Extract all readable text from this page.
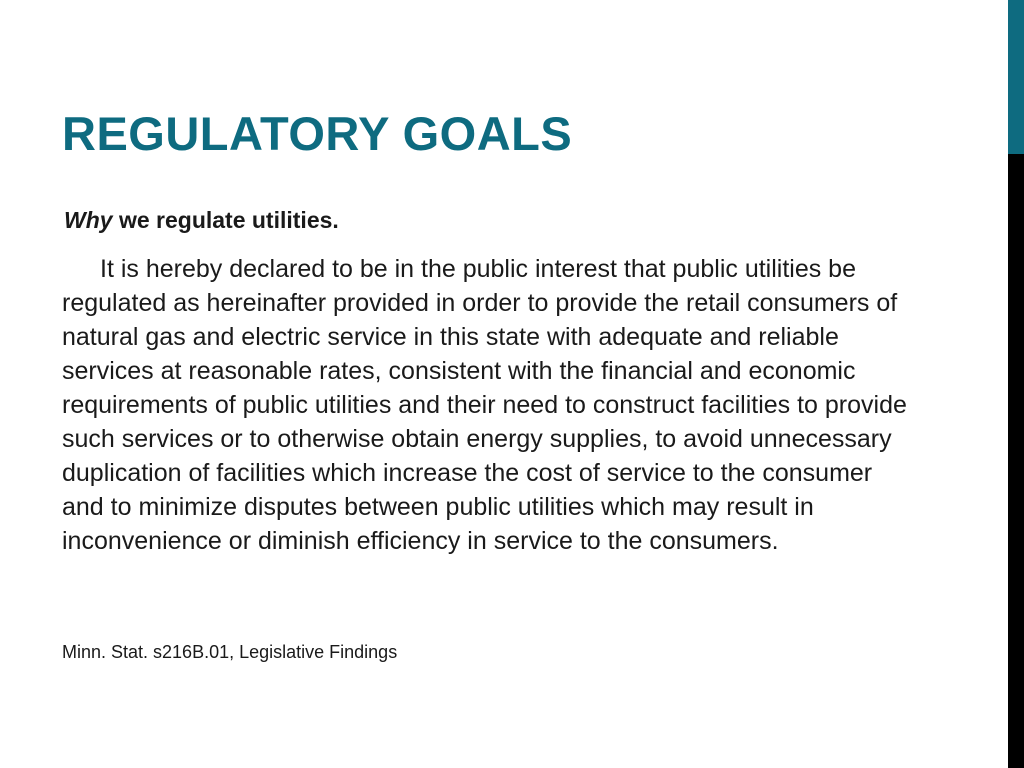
REGULATORY GOALS

Why we regulate utilities.

It is hereby declared to be in the public interest that public utilities be regulated as hereinafter provided in order to provide the retail consumers of natural gas and electric service in this state with adequate and reliable services at reasonable rates, consistent with the financial and economic requirements of public utilities and their need to construct facilities to provide such services or to otherwise obtain energy supplies, to avoid unnecessary duplication of facilities which increase the cost of service to the consumer and to minimize disputes between public utilities which may result in inconvenience or diminish efficiency in service to the consumers.

Minn. Stat. s216B.01, Legislative Findings
